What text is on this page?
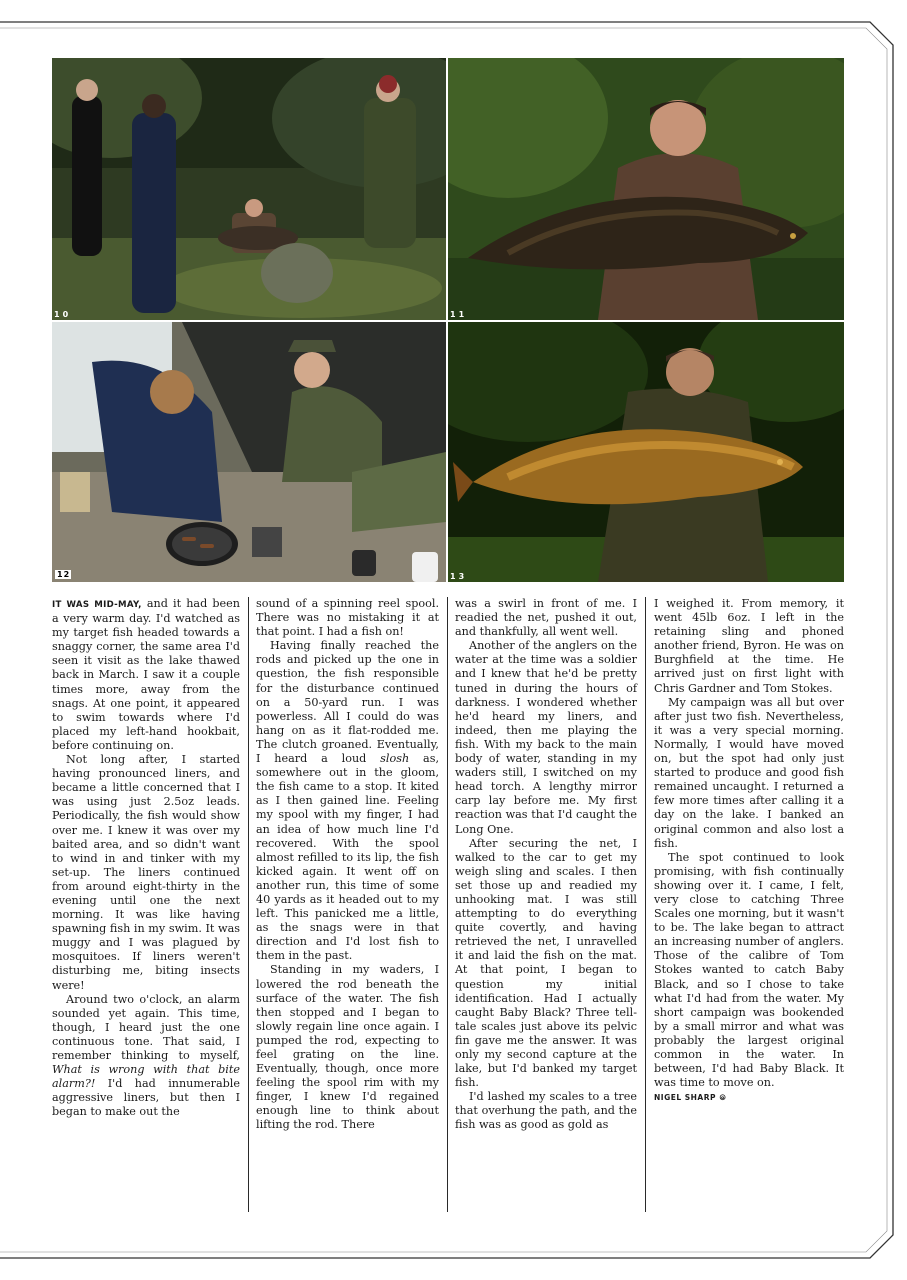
10	11
12	13

IT WAS MID-MAY, and it had been a very warm day. I'd watched as my target fish headed towards a snaggy corner, the same area I'd seen it visit as the lake thawed back in March. I saw it a couple times more, away from the snags. At one point, it appeared to swim towards where I'd placed my left-hand hookbait, before continuing on.

Not long after, I started having pronounced liners, and became a little concerned that I was using just 2.5oz leads. Periodically, the fish would show over me. I knew it was over my baited area, and so didn't want to wind in and tinker with my set-up. The liners continued from around eight-thirty in the evening until one the next morning. It was like having spawning fish in my swim. It was muggy and I was plagued by mosquitoes. If liners weren't disturbing me, biting insects were!

Around two o'clock, an alarm sounded yet again. This time, though, I heard just the one continuous tone. That said, I remember thinking to myself, What is wrong with that bite alarm?! I'd had innumerable aggressive liners, but then I began to make out the

sound of a spinning reel spool. There was no mistaking it at that point. I had a fish on!

Having finally reached the rods and picked up the one in question, the fish responsible for the disturbance continued on a 50-yard run. I was powerless. All I could do was hang on as it flat-rodded me. The clutch groaned. Eventually, I heard a loud slosh as, somewhere out in the gloom, the fish came to a stop. It kited as I then gained line. Feeling my spool with my finger, I had an idea of how much line I'd recovered. With the spool almost refilled to its lip, the fish kicked again. It went off on another run, this time of some 40 yards as it headed out to my left. This panicked me a little, as the snags were in that direction and I'd lost fish to them in the past.

Standing in my waders, I lowered the rod beneath the surface of the water. The fish then stopped and I began to slowly regain line once again. I pumped the rod, expecting to feel grating on the line. Eventually, though, once more feeling the spool rim with my finger, I knew I'd regained enough line to think about lifting the rod. There

was a swirl in front of me. I readied the net, pushed it out, and thankfully, all went well.

Another of the anglers on the water at the time was a soldier and I knew that he'd be pretty tuned in during the hours of darkness. I wondered whether he'd heard my liners, and indeed, then me playing the fish. With my back to the main body of water, standing in my waders still, I switched on my head torch. A lengthy mirror carp lay before me. My first reaction was that I'd caught the Long One.

After securing the net, I walked to the car to get my weigh sling and scales. I then set those up and readied my unhooking mat. I was still attempting to do everything quite covertly, and having retrieved the net, I unravelled it and laid the fish on the mat. At that point, I began to question my initial identification. Had I actually caught Baby Black? Three tell-tale scales just above its pelvic fin gave me the answer. It was only my second capture at the lake, but I'd banked my target fish.

I'd lashed my scales to a tree that overhung the path, and the fish was as good as gold as

I weighed it. From memory, it went 45lb 6oz. I left in the retaining sling and phoned another friend, Byron. He was on Burghfield at the time. He arrived just on first light with Chris Gardner and Tom Stokes.

My campaign was all but over after just two fish. Nevertheless, it was a very special morning. Normally, I would have moved on, but the spot had only just started to produce and good fish remained uncaught. I returned a few more times after calling it a day on the lake. I banked an original common and also lost a fish.

The spot continued to look promising, with fish continually showing over it. I came, I felt, very close to catching Three Scales one morning, but it wasn't to be. The lake began to attract an increasing number of anglers. Those of the calibre of Tom Stokes wanted to catch Baby Black, and so I chose to take what I'd had from the water. My short campaign was bookended by a small mirror and what was probably the largest original common in the water. In between, I'd had Baby Black. It was time to move on.

NIGEL SHARP ⦾
